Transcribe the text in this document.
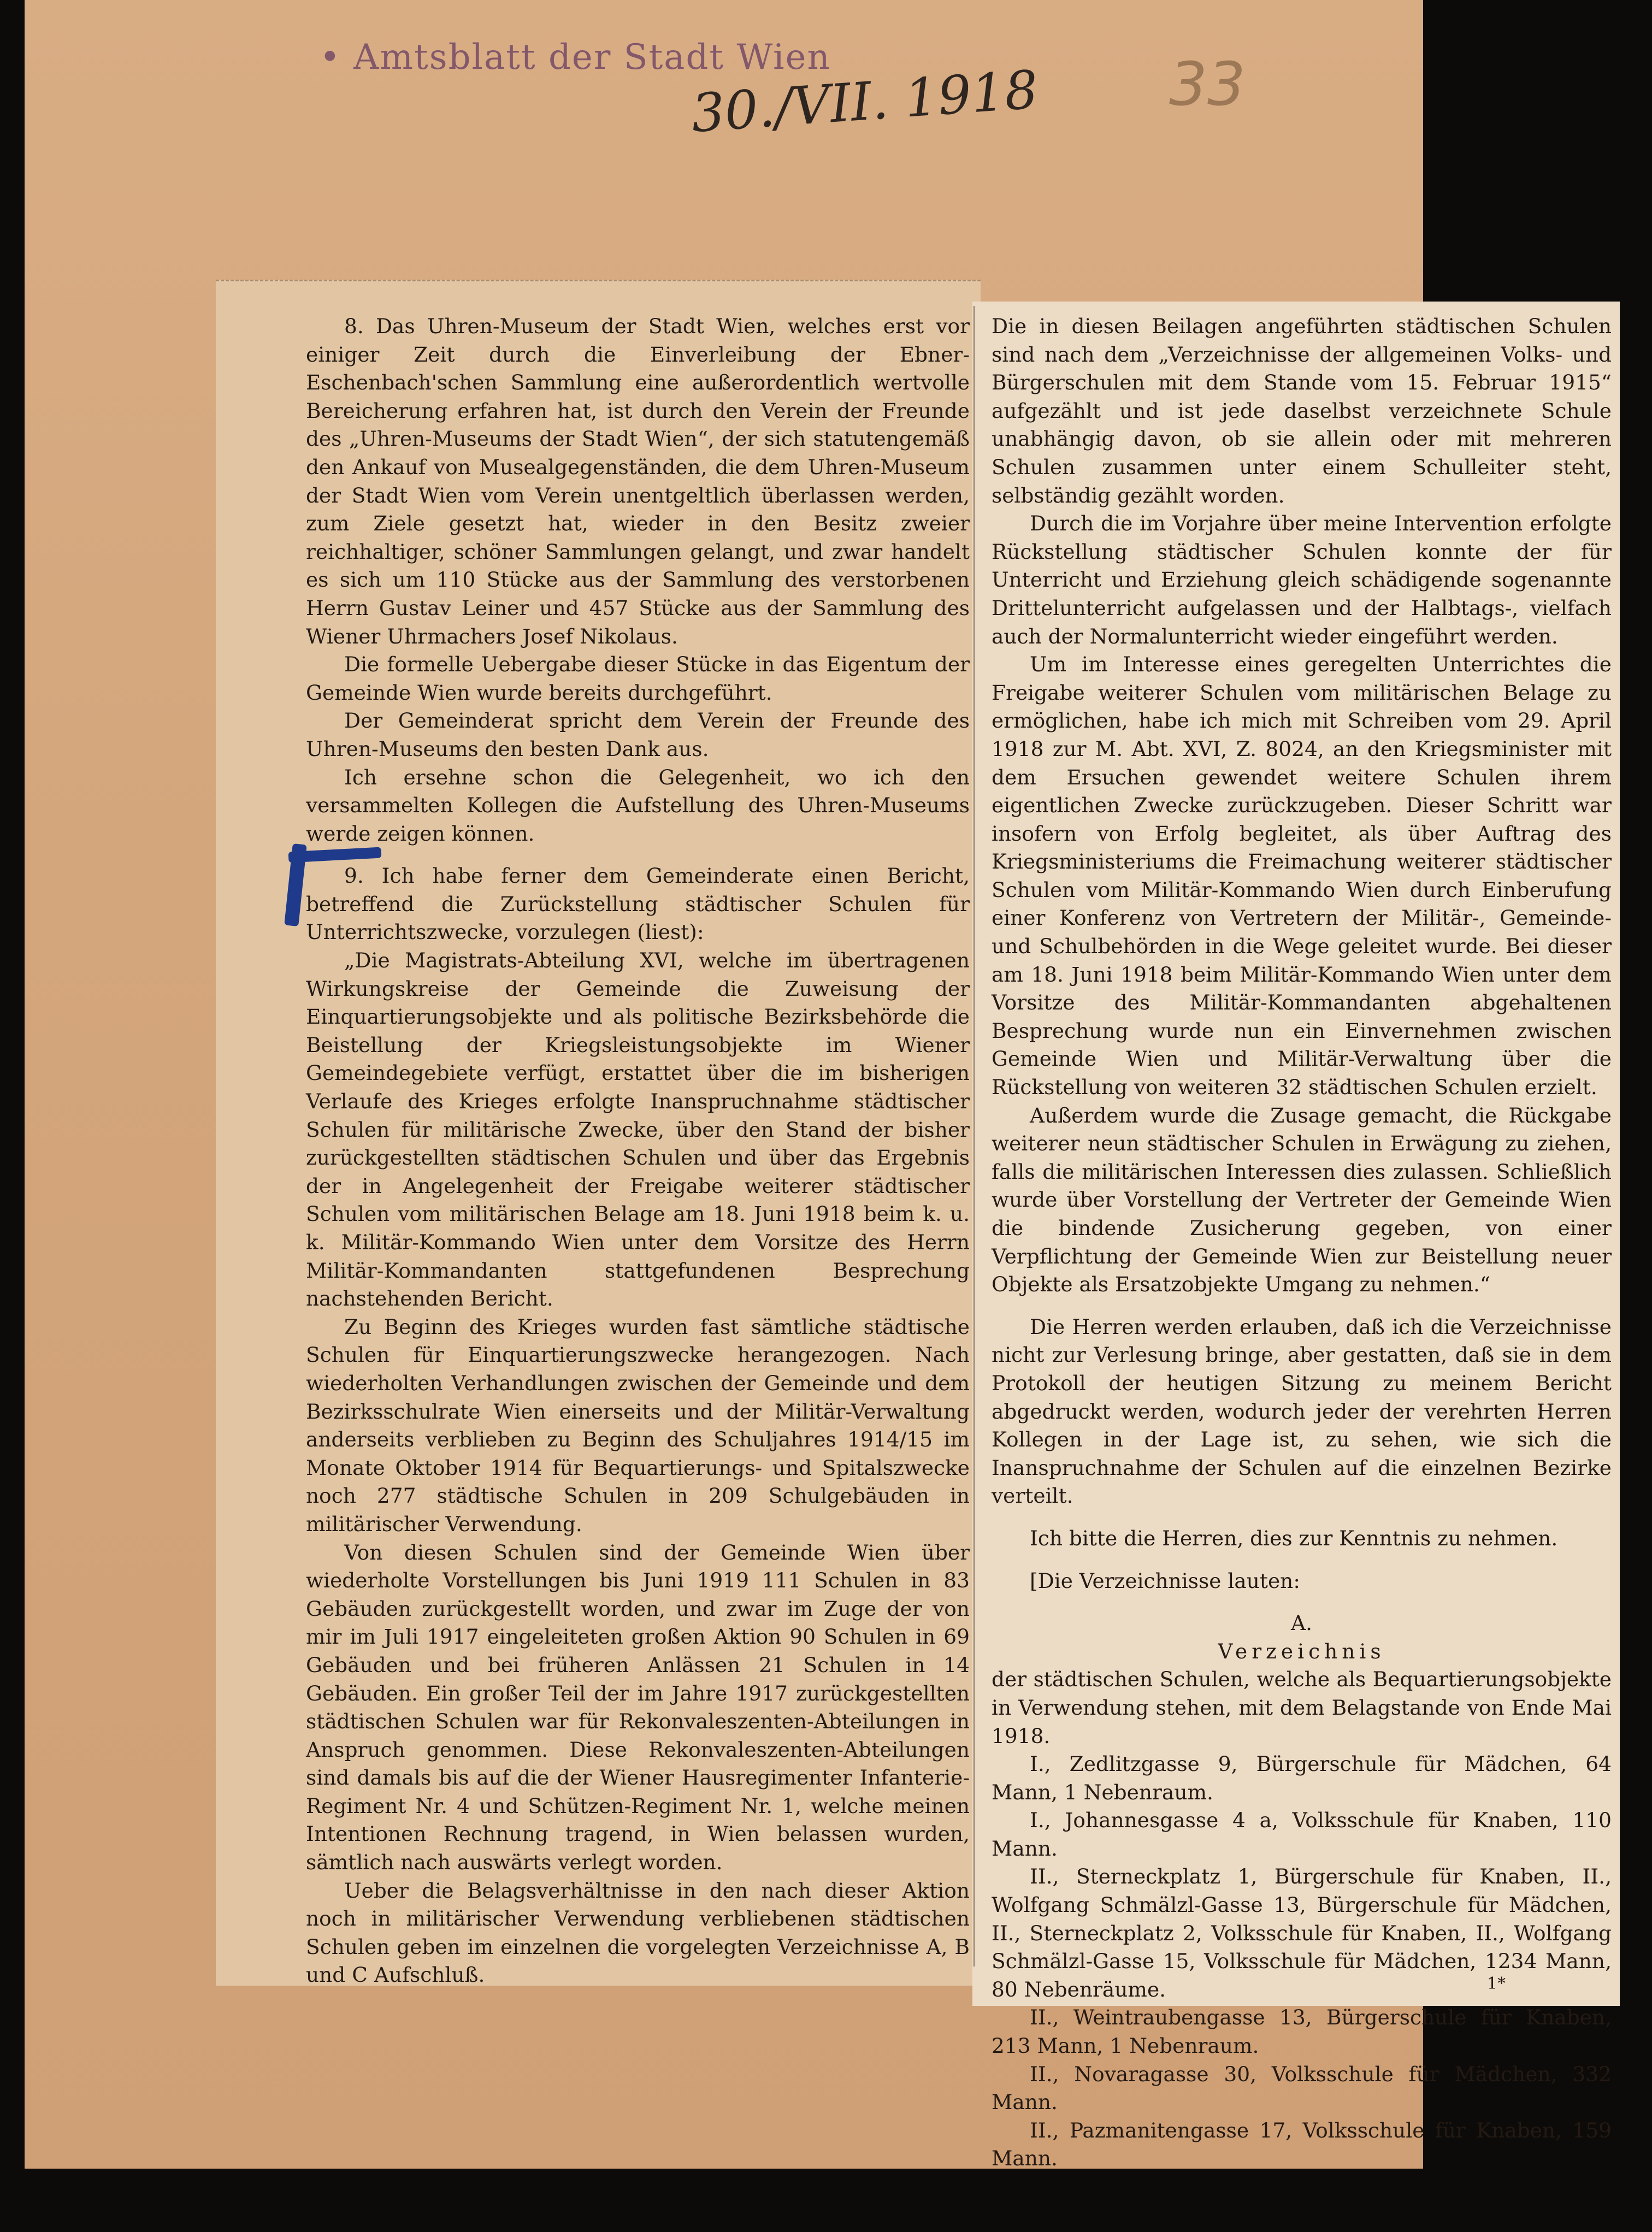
• Amtsblatt der Stadt Wien
30./VII. 1918 33

8. Das Uhren-Museum der Stadt Wien, welches erst vor einiger Zeit durch die Einverleibung der Ebner-Eschenbach'schen Sammlung eine außerordentlich wertvolle Bereicherung erfahren hat, ist durch den Verein der Freunde des „Uhren-Museums der Stadt Wien“, der sich statutengemäß den Ankauf von Musealgegenständen, die dem Uhren-Museum der Stadt Wien vom Verein unentgeltlich überlassen werden, zum Ziele gesetzt hat, wieder in den Besitz zweier reichhaltiger, schöner Sammlungen gelangt, und zwar handelt es sich um 110 Stücke aus der Sammlung des verstorbenen Herrn Gustav Leiner und 457 Stücke aus der Sammlung des Wiener Uhrmachers Josef Nikolaus.

Die formelle Uebergabe dieser Stücke in das Eigentum der Gemeinde Wien wurde bereits durchgeführt.

Der Gemeinderat spricht dem Verein der Freunde des Uhren-Museums den besten Dank aus.

Ich ersehne schon die Gelegenheit, wo ich den versammelten Kollegen die Aufstellung des Uhren-Museums werde zeigen können.

9. Ich habe ferner dem Gemeinderate einen Bericht, betreffend die Zurückstellung städtischer Schulen für Unterrichtszwecke, vorzulegen (liest):

„Die Magistrats-Abteilung XVI, welche im übertragenen Wirkungskreise der Gemeinde die Zuweisung der Einquartierungsobjekte und als politische Bezirksbehörde die Beistellung der Kriegsleistungsobjekte im Wiener Gemeindegebiete verfügt, erstattet über die im bisherigen Verlaufe des Krieges erfolgte Inanspruchnahme städtischer Schulen für militärische Zwecke, über den Stand der bisher zurückgestellten städtischen Schulen und über das Ergebnis der in Angelegenheit der Freigabe weiterer städtischer Schulen vom militärischen Belage am 18. Juni 1918 beim k. u. k. Militär-Kommando Wien unter dem Vorsitze des Herrn Militär-Kommandanten stattgefundenen Besprechung nachstehenden Bericht.

Zu Beginn des Krieges wurden fast sämtliche städtische Schulen für Einquartierungszwecke herangezogen. Nach wiederholten Verhandlungen zwischen der Gemeinde und dem Bezirksschulrate Wien einerseits und der Militär-Verwaltung anderseits verblieben zu Beginn des Schuljahres 1914/15 im Monate Oktober 1914 für Bequartierungs- und Spitalszwecke noch 277 städtische Schulen in 209 Schulgebäuden in militärischer Verwendung.

Von diesen Schulen sind der Gemeinde Wien über wiederholte Vorstellungen bis Juni 1919 111 Schulen in 83 Gebäuden zurückgestellt worden, und zwar im Zuge der von mir im Juli 1917 eingeleiteten großen Aktion 90 Schulen in 69 Gebäuden und bei früheren Anlässen 21 Schulen in 14 Gebäuden. Ein großer Teil der im Jahre 1917 zurückgestellten städtischen Schulen war für Rekonvaleszenten-Abteilungen in Anspruch genommen. Diese Rekonvaleszenten-Abteilungen sind damals bis auf die der Wiener Hausregimenter Infanterie-Regiment Nr. 4 und Schützen-Regiment Nr. 1, welche meinen Intentionen Rechnung tragend, in Wien belassen wurden, sämtlich nach auswärts verlegt worden.

Ueber die Belagsverhältnisse in den nach dieser Aktion noch in militärischer Verwendung verbliebenen städtischen Schulen geben im einzelnen die vorgelegten Verzeichnisse A, B und C Aufschluß.

Die in diesen Beilagen angeführten städtischen Schulen sind nach dem „Verzeichnisse der allgemeinen Volks- und Bürgerschulen mit dem Stande vom 15. Februar 1915“ aufgezählt und ist jede daselbst verzeichnete Schule unabhängig davon, ob sie allein oder mit mehreren Schulen zusammen unter einem Schulleiter steht, selbständig gezählt worden.

Durch die im Vorjahre über meine Intervention erfolgte Rückstellung städtischer Schulen konnte der für Unterricht und Erziehung gleich schädigende sogenannte Drittelunterricht aufgelassen und der Halbtags-, vielfach auch der Normalunterricht wieder eingeführt werden.

Um im Interesse eines geregelten Unterrichtes die Freigabe weiterer Schulen vom militärischen Belage zu ermöglichen, habe ich mich mit Schreiben vom 29. April 1918 zur M. Abt. XVI, Z. 8024, an den Kriegsminister mit dem Ersuchen gewendet weitere Schulen ihrem eigentlichen Zwecke zurückzugeben. Dieser Schritt war insofern von Erfolg begleitet, als über Auftrag des Kriegsministeriums die Freimachung weiterer städtischer Schulen vom Militär-Kommando Wien durch Einberufung einer Konferenz von Vertretern der Militär-, Gemeinde- und Schulbehörden in die Wege geleitet wurde. Bei dieser am 18. Juni 1918 beim Militär-Kommando Wien unter dem Vorsitze des Militär-Kommandanten abgehaltenen Besprechung wurde nun ein Einvernehmen zwischen Gemeinde Wien und Militär-Verwaltung über die Rückstellung von weiteren 32 städtischen Schulen erzielt.

Außerdem wurde die Zusage gemacht, die Rückgabe weiterer neun städtischer Schulen in Erwägung zu ziehen, falls die militärischen Interessen dies zulassen. Schließlich wurde über Vorstellung der Vertreter der Gemeinde Wien die bindende Zusicherung gegeben, von einer Verpflichtung der Gemeinde Wien zur Beistellung neuer Objekte als Ersatzobjekte Umgang zu nehmen.“

Die Herren werden erlauben, daß ich die Verzeichnisse nicht zur Verlesung bringe, aber gestatten, daß sie in dem Protokoll der heutigen Sitzung zu meinem Bericht abgedruckt werden, wodurch jeder der verehrten Herren Kollegen in der Lage ist, zu sehen, wie sich die Inanspruchnahme der Schulen auf die einzelnen Bezirke verteilt.

Ich bitte die Herren, dies zur Kenntnis zu nehmen.

[Die Verzeichnisse lauten:

A.

Verzeichnis

der städtischen Schulen, welche als Bequartierungsobjekte in Verwendung stehen, mit dem Belagstande von Ende Mai 1918.

I., Zedlitzgasse 9, Bürgerschule für Mädchen, 64 Mann, 1 Nebenraum.

I., Johannesgasse 4 a, Volksschule für Knaben, 110 Mann.

II., Sterneckplatz 1, Bürgerschule für Knaben, II., Wolfgang Schmälzl-Gasse 13, Bürgerschule für Mädchen, II., Sterneckplatz 2, Volksschule für Knaben, II., Wolfgang Schmälzl-Gasse 15, Volksschule für Mädchen, 1234 Mann, 80 Nebenräume.

II., Weintraubengasse 13, Bürgerschule für Knaben, 213 Mann, 1 Nebenraum.

II., Novaragasse 30, Volksschule für Mädchen, 332 Mann.

II., Pazmanitengasse 17, Volksschule für Knaben, 159 Mann.

1*
